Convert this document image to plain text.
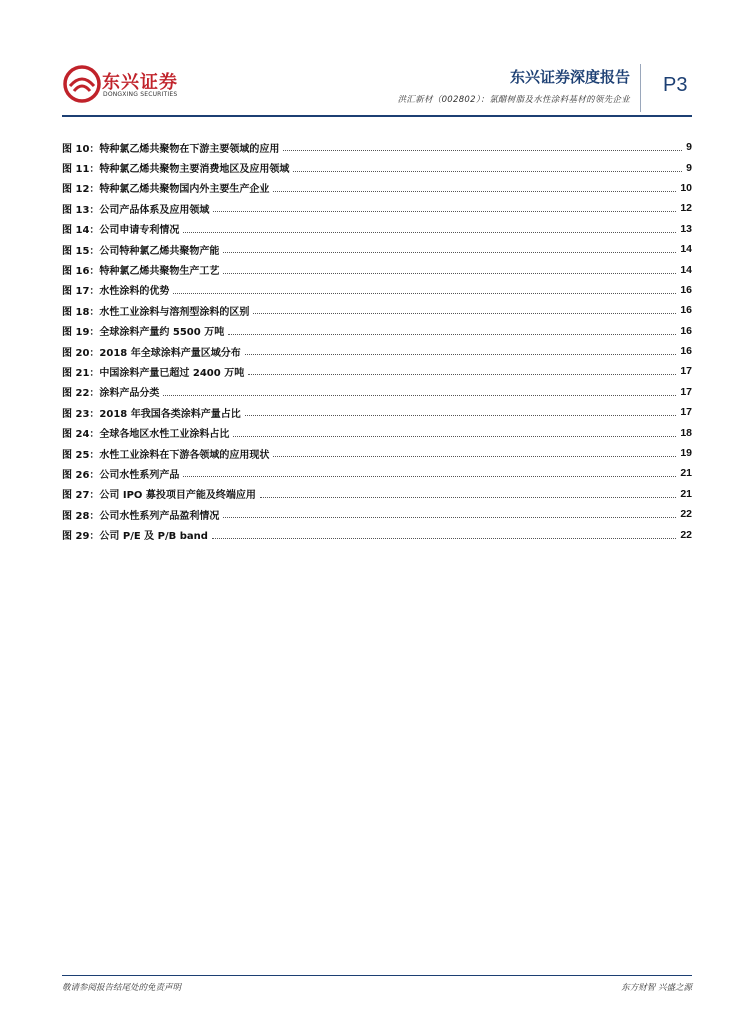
东兴证券
DONGXING SECURITIES
东兴证券深度报告
洪汇新材（002802）：氯醋树脂及水性涂料基材的领先企业
P3
图 10：特种氯乙烯共聚物在下游主要领域的应用	9
图 11：特种氯乙烯共聚物主要消费地区及应用领域	9
图 12：特种氯乙烯共聚物国内外主要生产企业	10
图 13：公司产品体系及应用领域	12
图 14：公司申请专利情况	13
图 15：公司特种氯乙烯共聚物产能	14
图 16：特种氯乙烯共聚物生产工艺	14
图 17：水性涂料的优势	16
图 18：水性工业涂料与溶剂型涂料的区别	16
图 19：全球涂料产量约 5500 万吨	16
图 20：2018 年全球涂料产量区域分布	16
图 21：中国涂料产量已超过 2400 万吨	17
图 22：涂料产品分类	17
图 23：2018 年我国各类涂料产量占比	17
图 24：全球各地区水性工业涂料占比	18
图 25：水性工业涂料在下游各领域的应用现状	19
图 26：公司水性系列产品	21
图 27：公司 IPO 募投项目产能及终端应用	21
图 28：公司水性系列产品盈利情况	22
图 29：公司 P/E 及 P/B band	22
敬请参阅报告结尾处的免责声明	东方财智 兴盛之源
